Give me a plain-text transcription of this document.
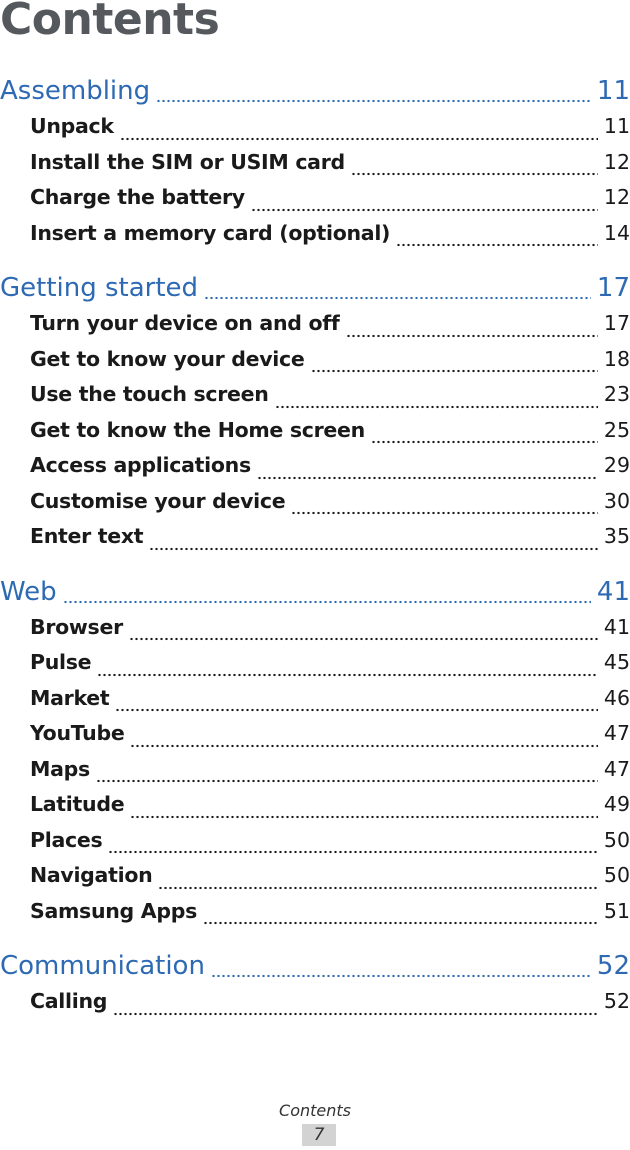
Contents
Assembling	11
Unpack	11
Install the SIM or USIM card	12
Charge the battery	12
Insert a memory card (optional)	14
Getting started	17
Turn your device on and off	17
Get to know your device	18
Use the touch screen	23
Get to know the Home screen	25
Access applications	29
Customise your device	30
Enter text	35
Web	41
Browser	41
Pulse	45
Market	46
YouTube	47
Maps	47
Latitude	49
Places	50
Navigation	50
Samsung Apps	51
Communication	52
Calling	52
Contents
7
